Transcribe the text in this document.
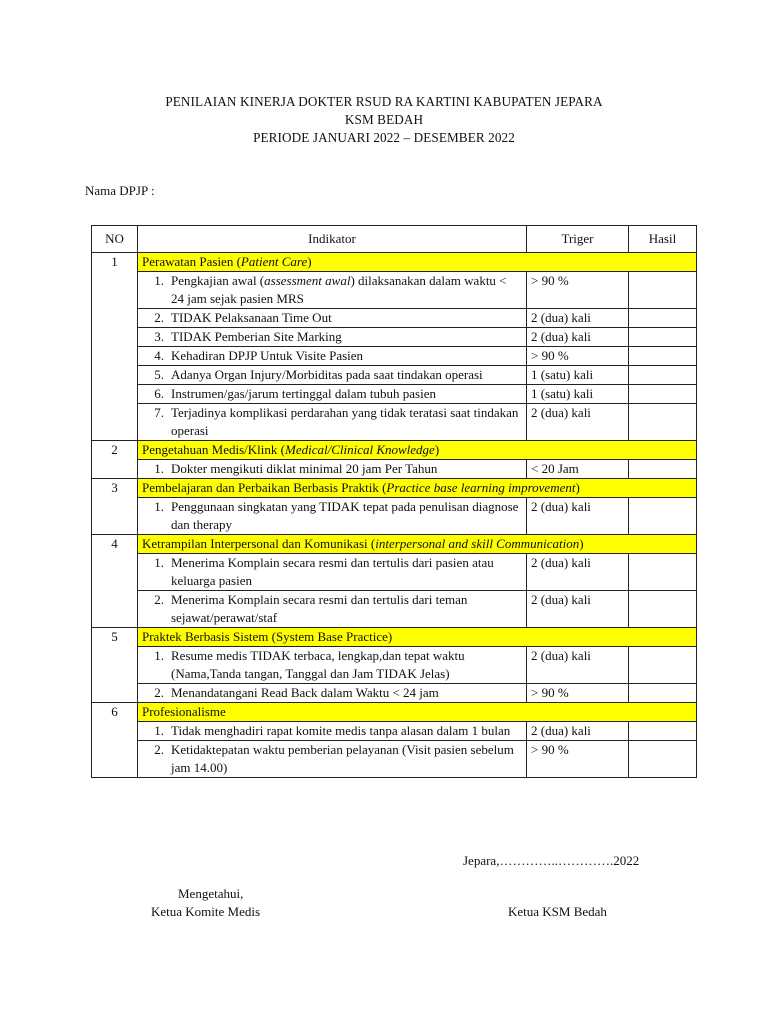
PENILAIAN KINERJA DOKTER RSUD RA KARTINI KABUPATEN JEPARA
KSM BEDAH
PERIODE JANUARI 2022 – DESEMBER 2022
Nama DPJP :
NO	Indikator	Triger	Hasil
1	Perawatan Pasien (Patient Care)		

	1. Pengkajian awal (assessment awal) dilaksanakan dalam waktu < 24 jam sejak pasien MRS	> 90 %	

	2. TIDAK Pelaksanaan Time Out	2 (dua) kali	

	3. TIDAK Pemberian Site Marking	2 (dua) kali	

	4. Kehadiran DPJP Untuk Visite Pasien	> 90 %	

	5. Adanya Organ Injury/Morbiditas pada saat tindakan operasi	1 (satu) kali	

	6. Instrumen/gas/jarum tertinggal dalam tubuh pasien	1 (satu) kali	

	7. Terjadinya komplikasi perdarahan yang tidak teratasi saat tindakan operasi	2 (dua) kali	
2	Pengetahuan Medis/Klink (Medical/Clinical Knowledge)		

	1. Dokter mengikuti diklat minimal 20 jam Per Tahun	< 20 Jam	
3	Pembelajaran dan Perbaikan Berbasis Praktik (Practice base learning improvement)		

	1. Penggunaan singkatan yang TIDAK tepat pada penulisan diagnose dan therapy	2 (dua) kali	
4	Ketrampilan Interpersonal dan Komunikasi (interpersonal and skill Communication)		

	1. Menerima Komplain secara resmi dan tertulis dari pasien atau keluarga pasien	2 (dua) kali	

	2. Menerima Komplain secara resmi dan tertulis dari teman sejawat/perawat/staf	2 (dua) kali	
5	Praktek Berbasis Sistem (System Base Practice)		

	1. Resume medis TIDAK terbaca, lengkap,dan tepat waktu (Nama,Tanda tangan, Tanggal dan Jam TIDAK Jelas)	2 (dua) kali	

	2. Menandatangani Read Back dalam Waktu < 24 jam	> 90 %	
6	Profesionalisme		

	1. Tidak menghadiri rapat komite medis tanpa alasan dalam 1 bulan	2 (dua) kali	

	2. Ketidaktepatan waktu pemberian pelayanan (Visit pasien sebelum jam 14.00)	> 90 %	
Jepara,…………..………….2022
Mengetahui,
Ketua Komite Medis	Ketua KSM Bedah
